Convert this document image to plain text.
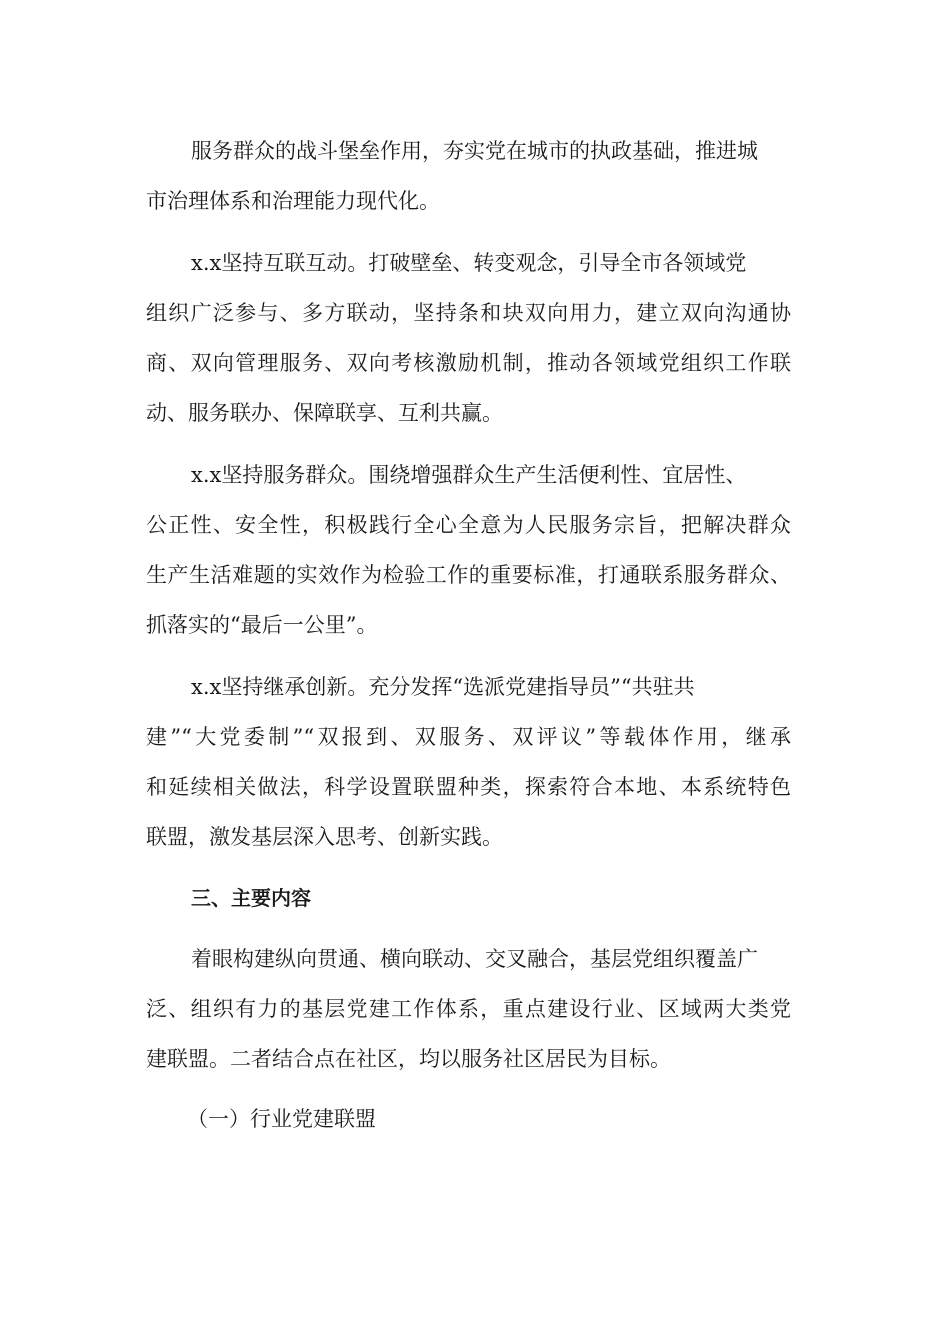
服务群众的战斗堡垒作用，夯实党在城市的执政基础，推进城
市治理体系和治理能力现代化。
x.x坚持互联互动。打破壁垒、转变观念，引导全市各领域党
组织广泛参与、多方联动，坚持条和块双向用力，建立双向沟通协
商、双向管理服务、双向考核激励机制，推动各领域党组织工作联
动、服务联办、保障联享、互利共赢。
x.x坚持服务群众。围绕增强群众生产生活便利性、宜居性、
公正性、安全性，积极践行全心全意为人民服务宗旨，把解决群众
生产生活难题的实效作为检验工作的重要标准，打通联系服务群众、
抓落实的“最后一公里”。
x.x坚持继承创新。充分发挥“选派党建指导员”“共驻共
建”“大党委制”“双报到、双服务、双评议”等载体作用，继承
和延续相关做法，科学设置联盟种类，探索符合本地、本系统特色
联盟，激发基层深入思考、创新实践。
三、主要内容
着眼构建纵向贯通、横向联动、交叉融合，基层党组织覆盖广
泛、组织有力的基层党建工作体系，重点建设行业、区域两大类党
建联盟。二者结合点在社区，均以服务社区居民为目标。
（一）行业党建联盟
